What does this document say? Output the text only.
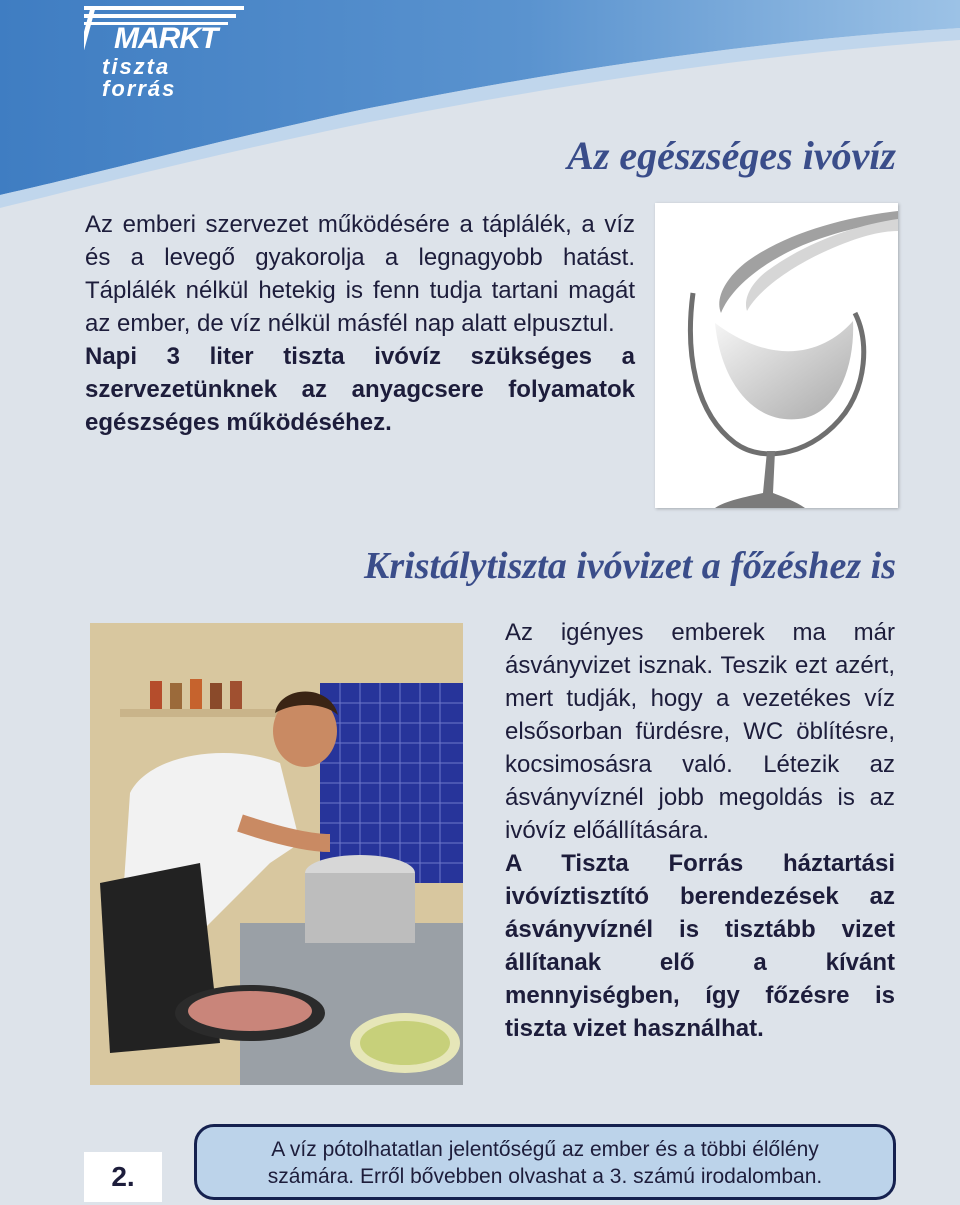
MARKT
tiszta
forrás
Az egészséges ivóvíz
Az emberi szervezet működésére a táplálék, a víz és a levegő gyakorolja a legnagyobb hatást. Táplálék nélkül hetekig is fenn tudja tartani magát az ember, de víz nélkül másfél nap alatt elpusztul.
Napi 3 liter tiszta ivóvíz szükséges a szervezetünknek az anyagcsere folyamatok egészséges működéséhez.
Kristálytiszta ivóvizet a főzéshez is
Az igényes emberek ma már ásványvizet isznak. Teszik ezt azért, mert tudják, hogy a vezetékes víz elsősorban fürdésre, WC öblítésre, kocsimosásra való. Létezik az ásványvíznél jobb megoldás is az ivóvíz előállítására.
A Tiszta Forrás háztartási ivóvíztisztító berendezések az ásványvíznél is tisztább vizet állítanak elő a kívánt mennyiségben, így főzésre is tiszta vizet használhat.
2.
A víz pótolhatatlan jelentőségű az ember és a többi élőlény
számára. Erről bővebben olvashat a 3. számú irodalomban.
